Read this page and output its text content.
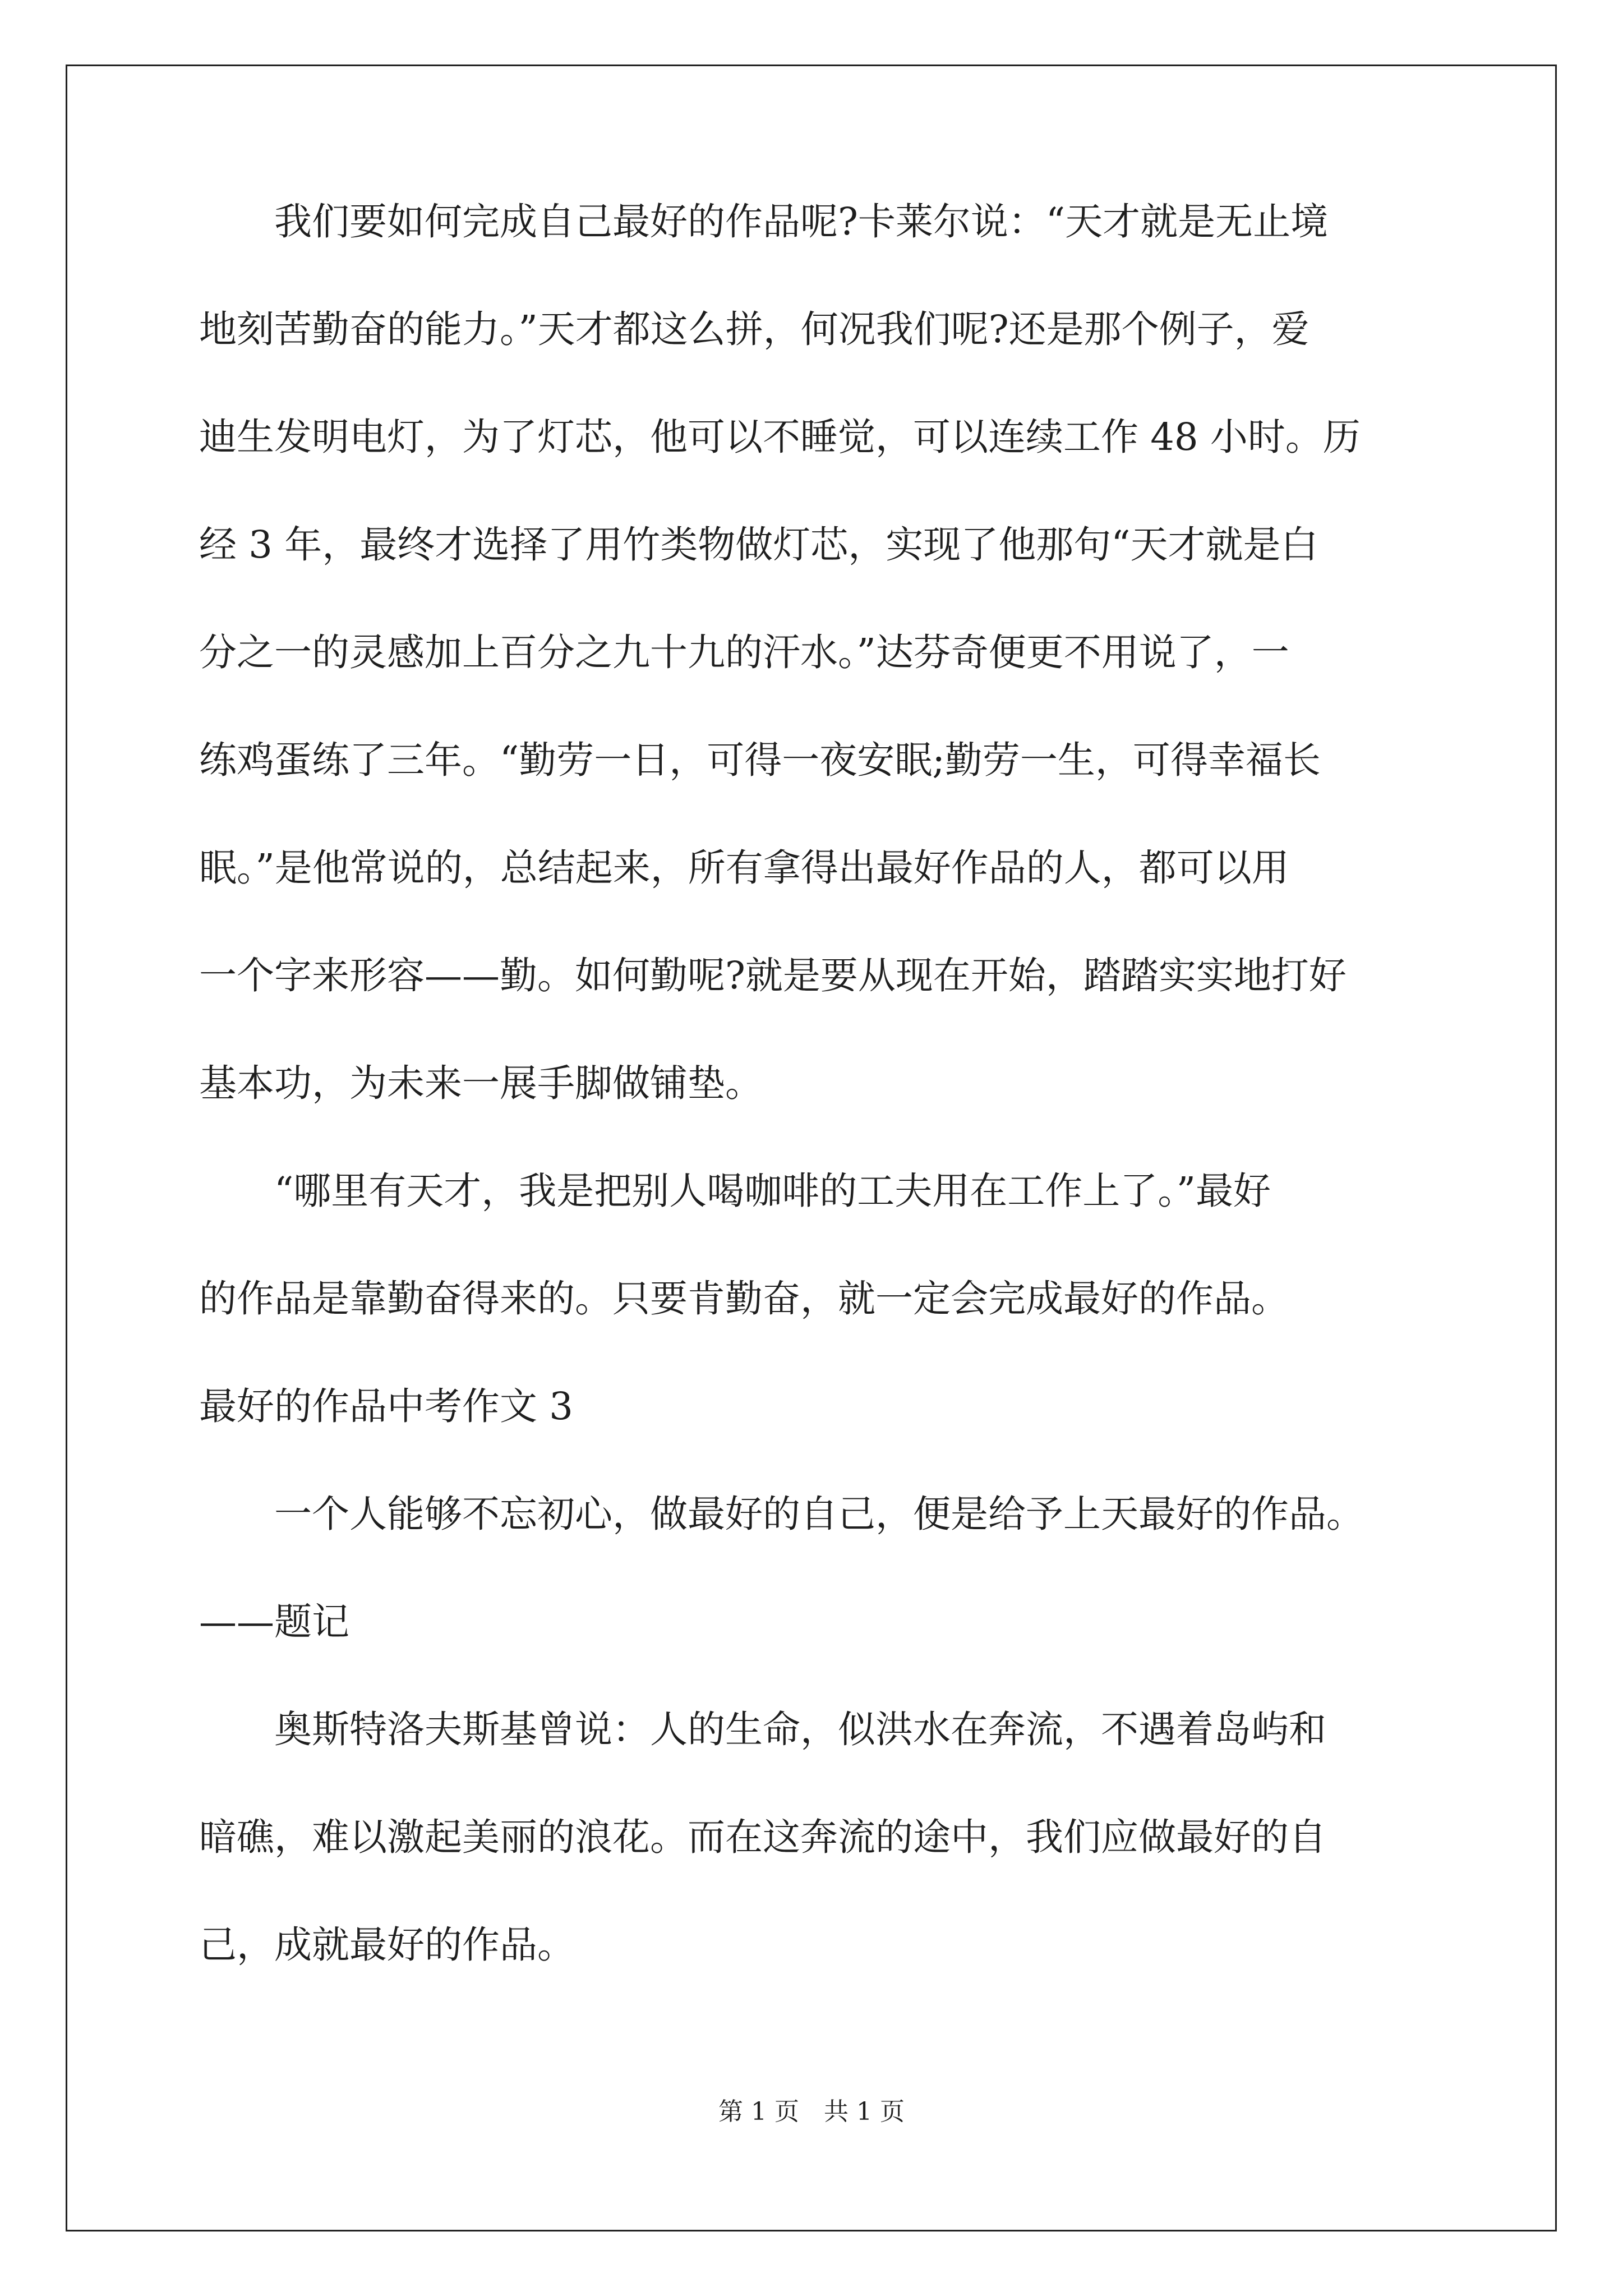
　　我们要如何完成自己最好的作品呢?卡莱尔说：“天才就是无止境
地刻苦勤奋的能力。”天才都这么拼，何况我们呢?还是那个例子，爱
迪生发明电灯，为了灯芯，他可以不睡觉，可以连续工作 48 小时。历
经 3 年，最终才选择了用竹类物做灯芯，实现了他那句“天才就是白
分之一的灵感加上百分之九十九的汗水。”达芬奇便更不用说了，一
练鸡蛋练了三年。“勤劳一日，可得一夜安眠;勤劳一生，可得幸福长
眠。”是他常说的，总结起来，所有拿得出最好作品的人，都可以用
一个字来形容——勤。如何勤呢?就是要从现在开始，踏踏实实地打好
基本功，为未来一展手脚做铺垫。
　　“哪里有天才，我是把别人喝咖啡的工夫用在工作上了。”最好
的作品是靠勤奋得来的。只要肯勤奋，就一定会完成最好的作品。
最好的作品中考作文 3
　　一个人能够不忘初心，做最好的自己，便是给予上天最好的作品。
——题记
　　奥斯特洛夫斯基曾说：人的生命，似洪水在奔流，不遇着岛屿和
暗礁，难以激起美丽的浪花。而在这奔流的途中，我们应做最好的自
己，成就最好的作品。
第 1 页　共 1 页
